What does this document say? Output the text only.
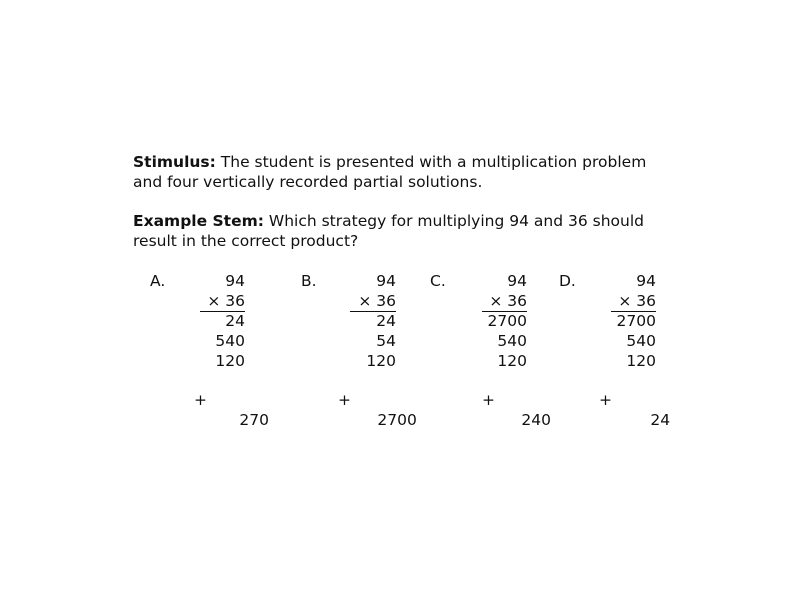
Stimulus: The student is presented with a multiplication problem and four vertically recorded partial solutions.

Example Stem: Which strategy for multiplying 94 and 36 should result in the correct product?

A.	94
× 36
24
540
120

+

270

B.	94
× 36
24
54
120

+

2700

C.	94
× 36
2700
540
120

+

240

D.	94
× 36
2700
540
120

+

24
